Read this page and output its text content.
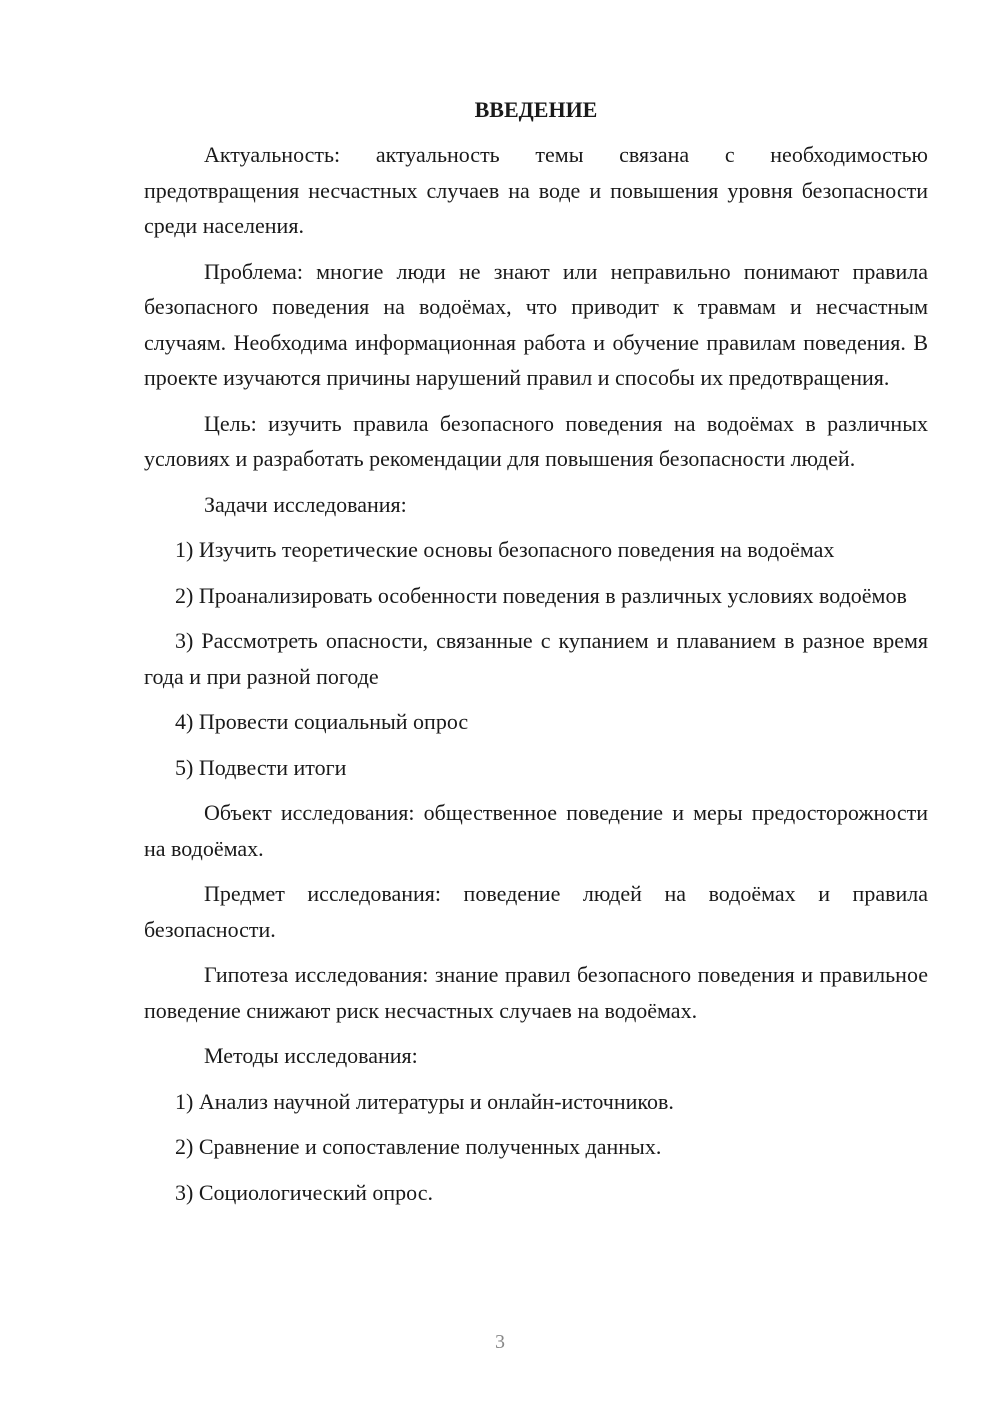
ВВЕДЕНИЕ

Актуальность: актуальность темы связана с необходимостью предотвращения несчастных случаев на воде и повышения уровня безопасности среди населения.

Проблема: многие люди не знают или неправильно понимают правила безопасного поведения на водоёмах, что приводит к травмам и несчастным случаям. Необходима информационная работа и обучение правилам поведения. В проекте изучаются причины нарушений правил и способы их предотвращения.

Цель: изучить правила безопасного поведения на водоёмах в различных условиях и разработать рекомендации для повышения безопасности людей.

Задачи исследования:

1) Изучить теоретические основы безопасного поведения на водоёмах

2) Проанализировать особенности поведения в различных условиях водоёмов

3) Рассмотреть опасности, связанные с купанием и плаванием в разное время года и при разной погоде

4) Провести социальный опрос

5) Подвести итоги

Объект исследования: общественное поведение и меры предосторожности на водоёмах.

Предмет исследования: поведение людей на водоёмах и правила безопасности.

Гипотеза исследования: знание правил безопасного поведения и правильное поведение снижают риск несчастных случаев на водоёмах.

Методы исследования:

1) Анализ научной литературы и онлайн-источников.

2) Сравнение и сопоставление полученных данных.

3) Социологический опрос.

3
